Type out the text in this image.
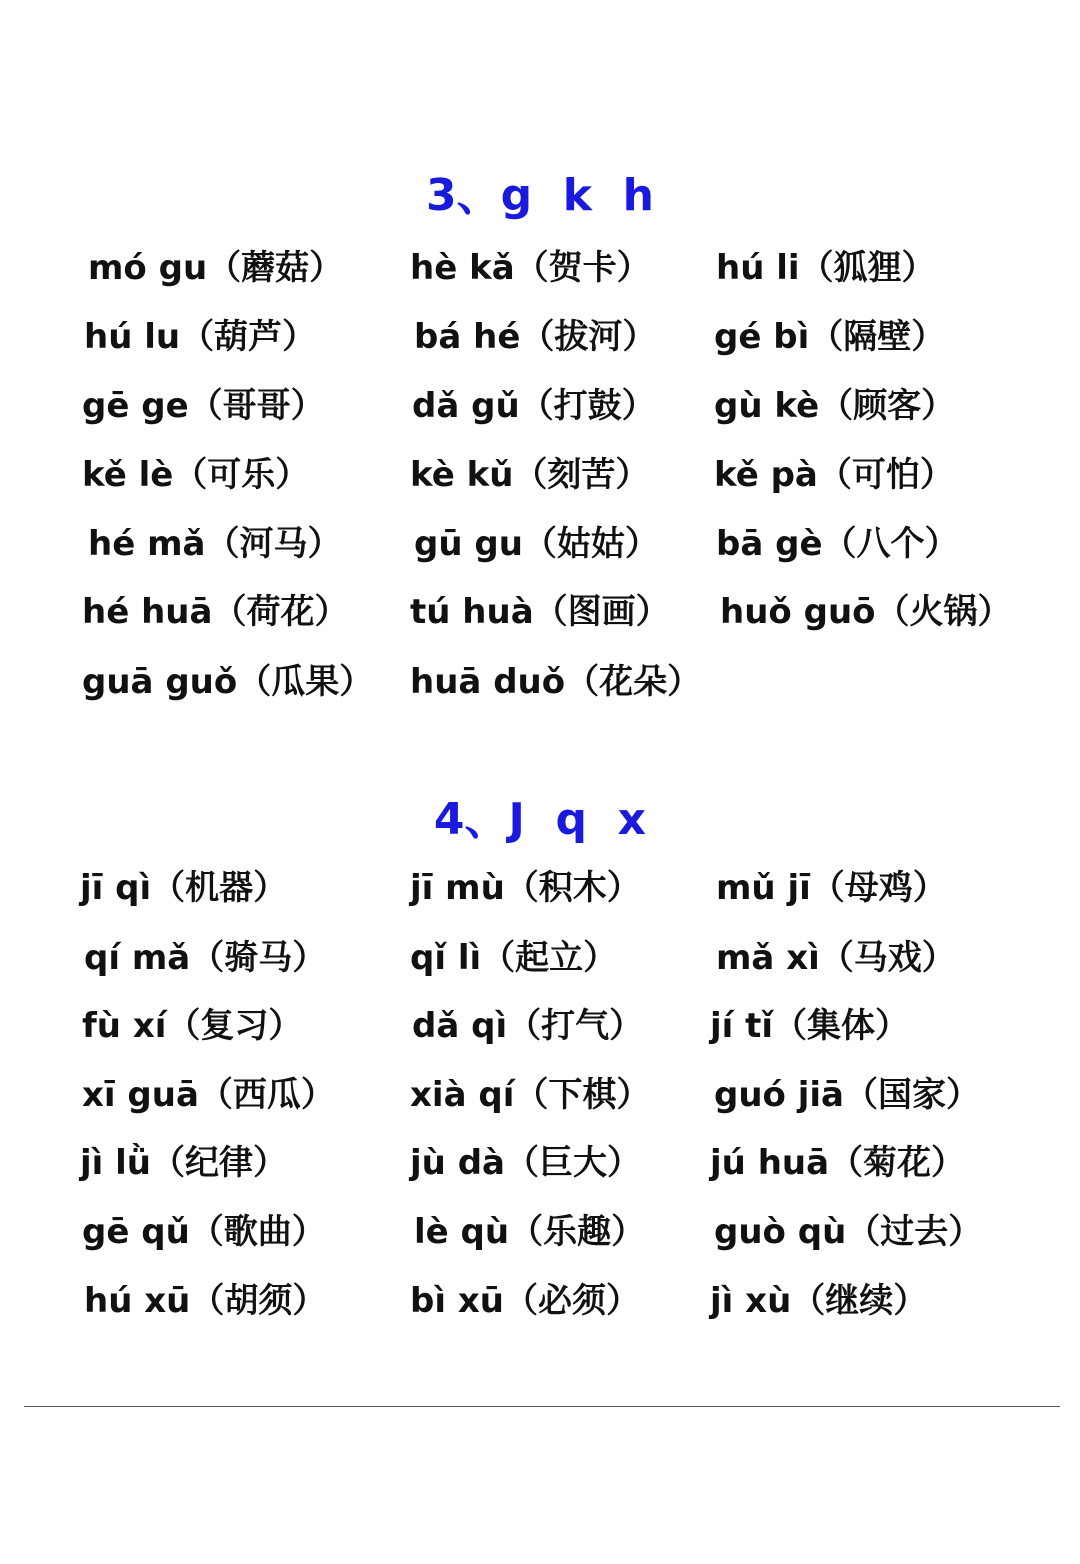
3、g  k  h
mó gu（蘑菇） hè kǎ（贺卡） hú li（狐狸）
hú lu（葫芦）	bá hé（拔河） gé bì（隔壁）
gē ge（哥哥）	dǎ gǔ（打鼓） gù kè（顾客）
kě lè（可乐）	kè kǔ（刻苦） kě pà（可怕）
hé mǎ（河马） gū gu（姑姑） bā gè（八个）
hé huā（荷花） tú huà（图画） huǒ guō（火锅）
guā guǒ（瓜果） huā duǒ（花朵）
4、J  q  x
jī qì（机器）	jī mù（积木） mǔ jī（母鸡）
qí mǎ（骑马） qǐ lì（起立）	mǎ xì（马戏）
fù xí（复习）	dǎ qì（打气） jí tǐ（集体）
xī guā（西瓜） xià qí（下棋） guó jiā（国家）
jì lǜ（纪律）	jù dà（巨大） jú huā（菊花）
gē qǔ（歌曲）	lè qù（乐趣） guò qù（过去）
hú xū（胡须） bì xū（必须） jì xù（继续）
